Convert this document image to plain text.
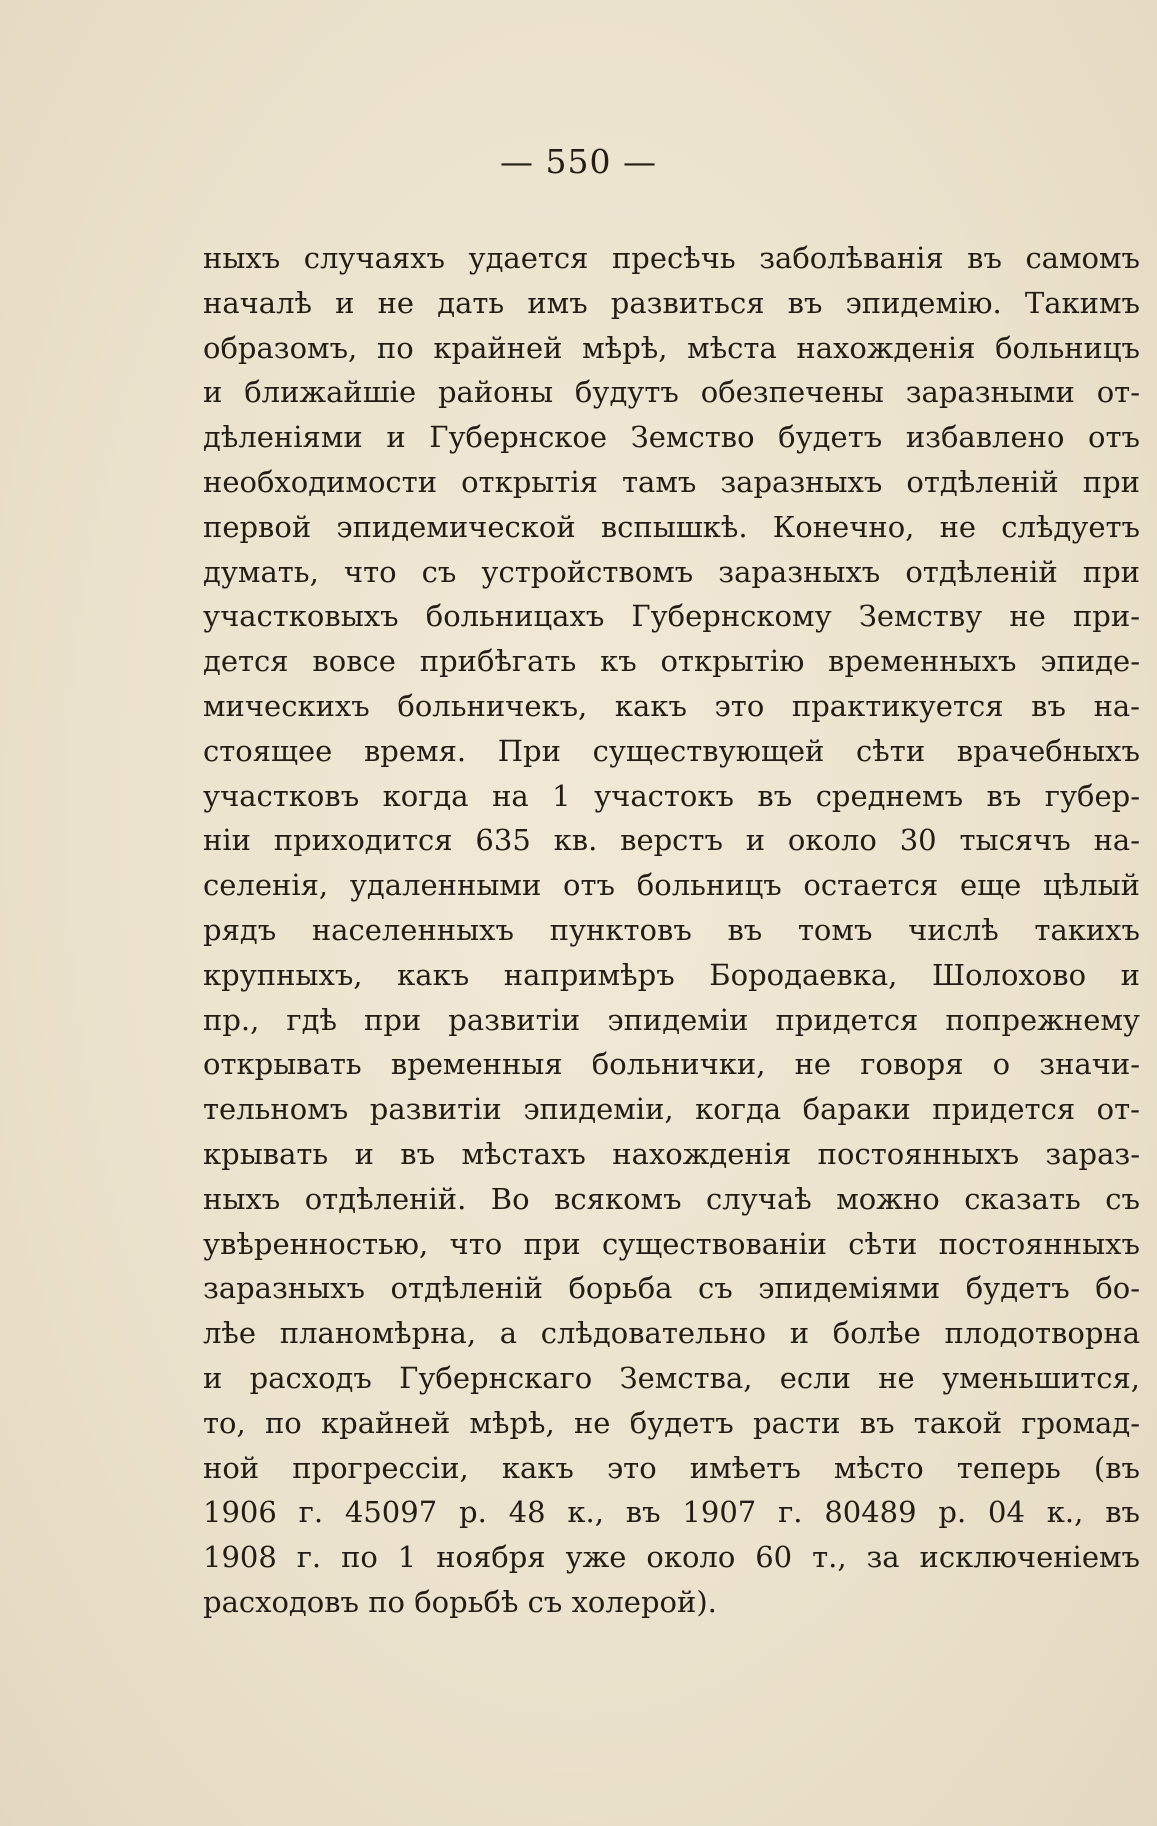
— 550 —
ныхъ случаяхъ удается пресѣчь заболѣванія въ самомъ
началѣ и не дать имъ развиться въ эпидемію. Такимъ
образомъ, по крайней мѣрѣ, мѣста нахожденія больницъ
и ближайшіе районы будутъ обезпечены заразными от-
дѣленіями и Губернское Земство будетъ избавлено отъ
необходимости открытія тамъ заразныхъ отдѣленій при
первой эпидемической вспышкѣ. Конечно, не слѣдуетъ
думать, что съ устройствомъ заразныхъ отдѣленій при
участковыхъ больницахъ Губернскому Земству не при-
дется вовсе прибѣгать къ открытію временныхъ эпиде-
мическихъ больничекъ, какъ это практикуется въ на-
стоящее время. При существующей сѣти врачебныхъ
участковъ когда на 1 участокъ въ среднемъ въ губер-
ніи приходится 635 кв. верстъ и около 30 тысячъ на-
селенія, удаленными отъ больницъ остается еще цѣлый
рядъ населенныхъ пунктовъ въ томъ числѣ такихъ
крупныхъ, какъ напримѣръ Бородаевка, Шолохово и
пр., гдѣ при развитіи эпидеміи придется попрежнему
открывать временныя больнички, не говоря о значи-
тельномъ развитіи эпидеміи, когда бараки придется от-
крывать и въ мѣстахъ нахожденія постоянныхъ зараз-
ныхъ отдѣленій. Во всякомъ случаѣ можно сказать съ
увѣренностью, что при существованіи сѣти постоянныхъ
заразныхъ отдѣленій борьба съ эпидеміями будетъ бо-
лѣе планомѣрна, а слѣдовательно и болѣе плодотворна
и расходъ Губернскаго Земства, если не уменьшится,
то, по крайней мѣрѣ, не будетъ расти въ такой громад-
ной прогрессіи, какъ это имѣетъ мѣсто теперь (въ
1906 г. 45097 р. 48 к., въ 1907 г. 80489 р. 04 к., въ
1908 г. по 1 ноября уже около 60 т., за исключеніемъ
расходовъ по борьбѣ съ холерой).
